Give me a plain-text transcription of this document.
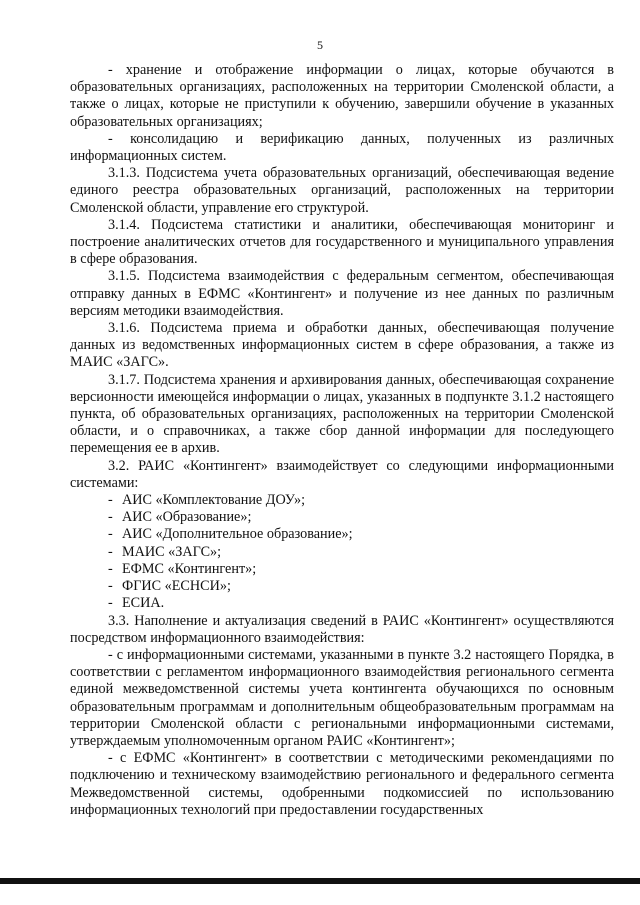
5

- хранение и отображение информации о лицах, которые обучаются в образовательных организациях, расположенных на территории Смоленской области, а также о лицах, которые не приступили к обучению, завершили обучение в указанных образовательных организациях;

- консолидацию и верификацию данных, полученных из различных информационных систем.

3.1.3. Подсистема учета образовательных организаций, обеспечивающая ведение единого реестра образовательных организаций, расположенных на территории Смоленской области, управление его структурой.

3.1.4. Подсистема статистики и аналитики, обеспечивающая мониторинг и построение аналитических отчетов для государственного и муниципального управления в сфере образования.

3.1.5. Подсистема взаимодействия с федеральным сегментом, обеспечивающая отправку данных в ЕФМС «Контингент» и получение из нее данных по различным версиям методики взаимодействия.

3.1.6. Подсистема приема и обработки данных, обеспечивающая получение данных из ведомственных информационных систем в сфере образования, а также из МАИС «ЗАГС».

3.1.7. Подсистема хранения и архивирования данных, обеспечивающая сохранение версионности имеющейся информации о лицах, указанных в подпункте 3.1.2 настоящего пункта, об образовательных организациях, расположенных на территории Смоленской области, и о справочниках, а также сбор данной информации для последующего перемещения ее в архив.

3.2. РАИС «Контингент» взаимодействует со следующими информационными системами:

- АИС «Комплектование ДОУ»;
- АИС «Образование»;
- АИС «Дополнительное образование»;
- МАИС «ЗАГС»;
- ЕФМС «Контингент»;
- ФГИС «ЕСНСИ»;
- ЕСИА.

3.3. Наполнение и актуализация сведений в РАИС «Контингент» осуществляются посредством информационного взаимодействия:

- с информационными системами, указанными в пункте 3.2 настоящего Порядка, в соответствии с регламентом информационного взаимодействия регионального сегмента единой межведомственной системы учета контингента обучающихся по основным образовательным программам и дополнительным общеобразовательным программам на территории Смоленской области с региональными информационными системами, утверждаемым уполномоченным органом РАИС «Контингент»;

- с ЕФМС «Контингент» в соответствии с методическими рекомендациями по подключению и техническому взаимодействию регионального и федерального сегмента Межведомственной системы, одобренными подкомиссией по использованию информационных технологий при предоставлении государственных
